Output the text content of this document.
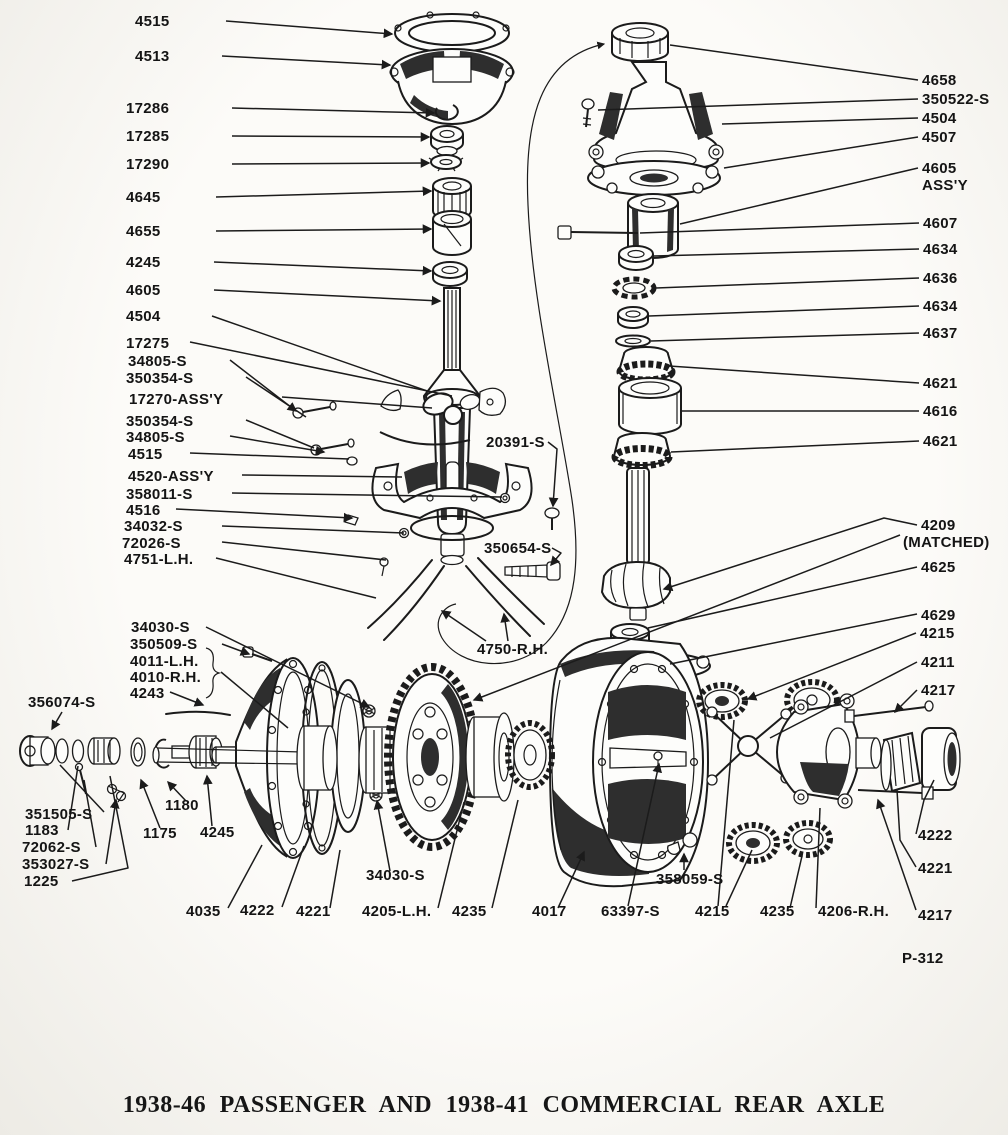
4515
4513
17286
17285
17290
4645
4655
4245
4605
4504
17275
34805-S
350354-S
17270-ASS'Y
350354-S
34805-S
4515
4520-ASS'Y
358011-S
4516
34032-S
72026-S
4751-L.H.
20391-S
350654-S
4750-R.H.
34030-S
350509-S
4011-L.H.
4010-R.H.
4243
356074-S
351505-S
1183
72062-S
353027-S
1225
1175
1180
4245
4035 4222 4221
34030-S
4205-L.H. 4235	4017 63397-S
358059-S
4215 4235 4206-R.H. 4217
4658
350522-S
4504
4507
4605
ASS'Y
4607
4634
4636
4634
4637
4621
4616
4621
4209
(MATCHED)
4625
4629
4215
4211
4217
4222
4221
P-312
1938-46 PASSENGER AND 1938-41 COMMERCIAL REAR AXLE
